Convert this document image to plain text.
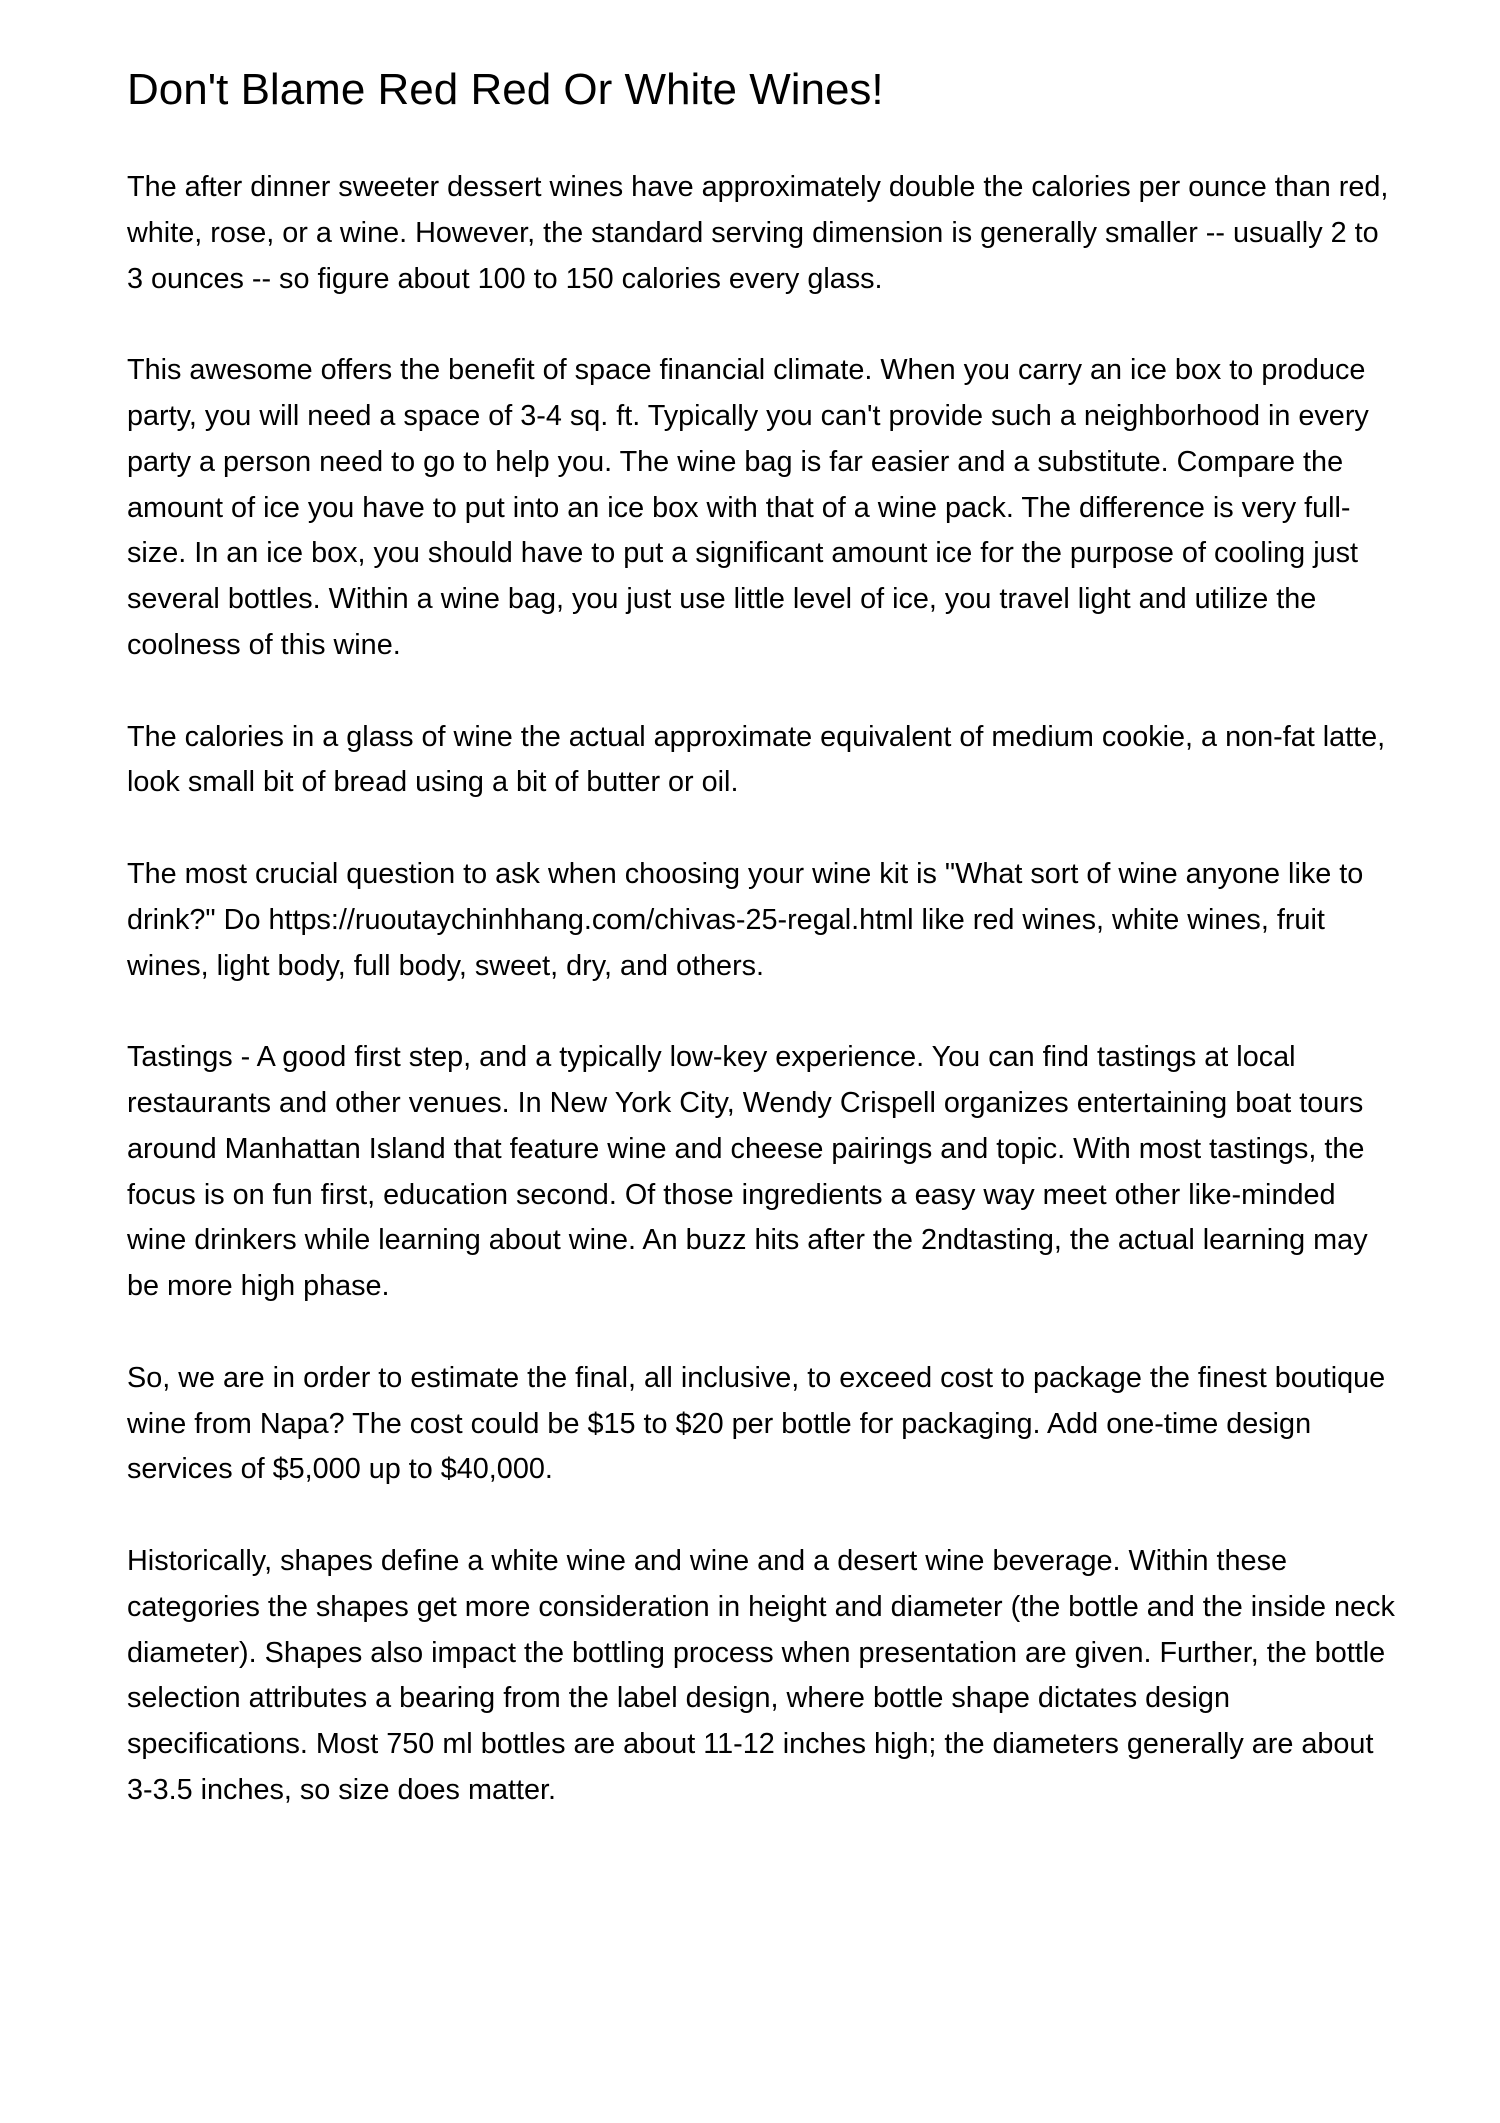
Don't Blame Red Red Or White Wines!

The after dinner sweeter dessert wines have approximately double the calories per ounce than red, white, rose, or a wine. However, the standard serving dimension is generally smaller -- usually 2 to 3 ounces -- so figure about 100 to 150 calories every glass.

This awesome offers the benefit of space financial climate. When you carry an ice box to produce party, you will need a space of 3-4 sq. ft. Typically you can't provide such a neighborhood in every party a person need to go to help you. The wine bag is far easier and a substitute. Compare the amount of ice you have to put into an ice box with that of a wine pack. The difference is very full-size. In an ice box, you should have to put a significant amount ice for the purpose of cooling just several bottles. Within a wine bag, you just use little level of ice, you travel light and utilize the coolness of this wine.

The calories in a glass of wine the actual approximate equivalent of medium cookie, a non-fat latte, look small bit of bread using a bit of butter or oil.

The most crucial question to ask when choosing your wine kit is "What sort of wine anyone like to drink?" Do https://ruoutaychinhhang.com/chivas-25-regal.html like red wines, white wines, fruit wines, light body, full body, sweet, dry, and others.

Tastings - A good first step, and a typically low-key experience. You can find tastings at local restaurants and other venues. In New York City, Wendy Crispell organizes entertaining boat tours around Manhattan Island that feature wine and cheese pairings and topic. With most tastings, the focus is on fun first, education second. Of those ingredients a easy way meet other like-minded wine drinkers while learning about wine. An buzz hits after the 2ndtasting, the actual learning may be more high phase.

So, we are in order to estimate the final, all inclusive, to exceed cost to package the finest boutique wine from Napa? The cost could be $15 to $20 per bottle for packaging. Add one-time design services of $5,000 up to $40,000.

Historically, shapes define a white wine and wine and a desert wine beverage. Within these categories the shapes get more consideration in height and diameter (the bottle and the inside neck diameter). Shapes also impact the bottling process when presentation are given. Further, the bottle selection attributes a bearing from the label design, where bottle shape dictates design specifications. Most 750 ml bottles are about 11-12 inches high; the diameters generally are about 3-3.5 inches, so size does matter.
